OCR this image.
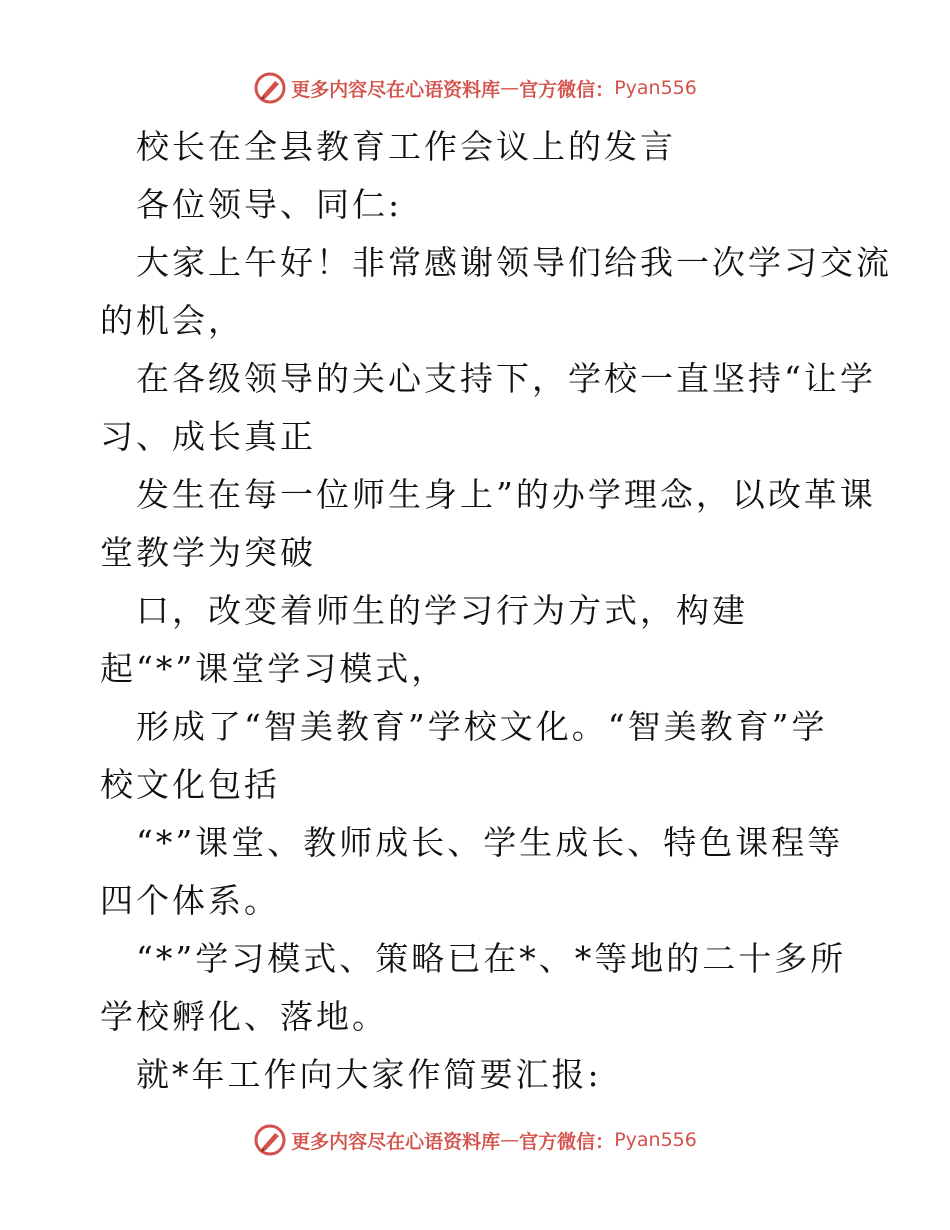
更多内容尽在心语资料库 — 官方微信： Pyan556
校长在全县教育工作会议上的发言
各位领导、同仁:
大家上午好！非常感谢领导们给我一次学习交流
的机会，
在各级领导的关心支持下，学校一直坚持“让学
习、成长真正
发生在每一位师生身上”的办学理念，以改革课
堂教学为突破
口，改变着师生的学习行为方式，构建
起“*”课堂学习模式，
形成了“智美教育”学校文化。“智美教育”学
校文化包括
“*”课堂、教师成长、学生成长、特色课程等
四个体系。
“*”学习模式、策略已在*、*等地的二十多所
学校孵化、落地。
就*年工作向大家作简要汇报:
更多内容尽在心语资料库 — 官方微信： Pyan556
